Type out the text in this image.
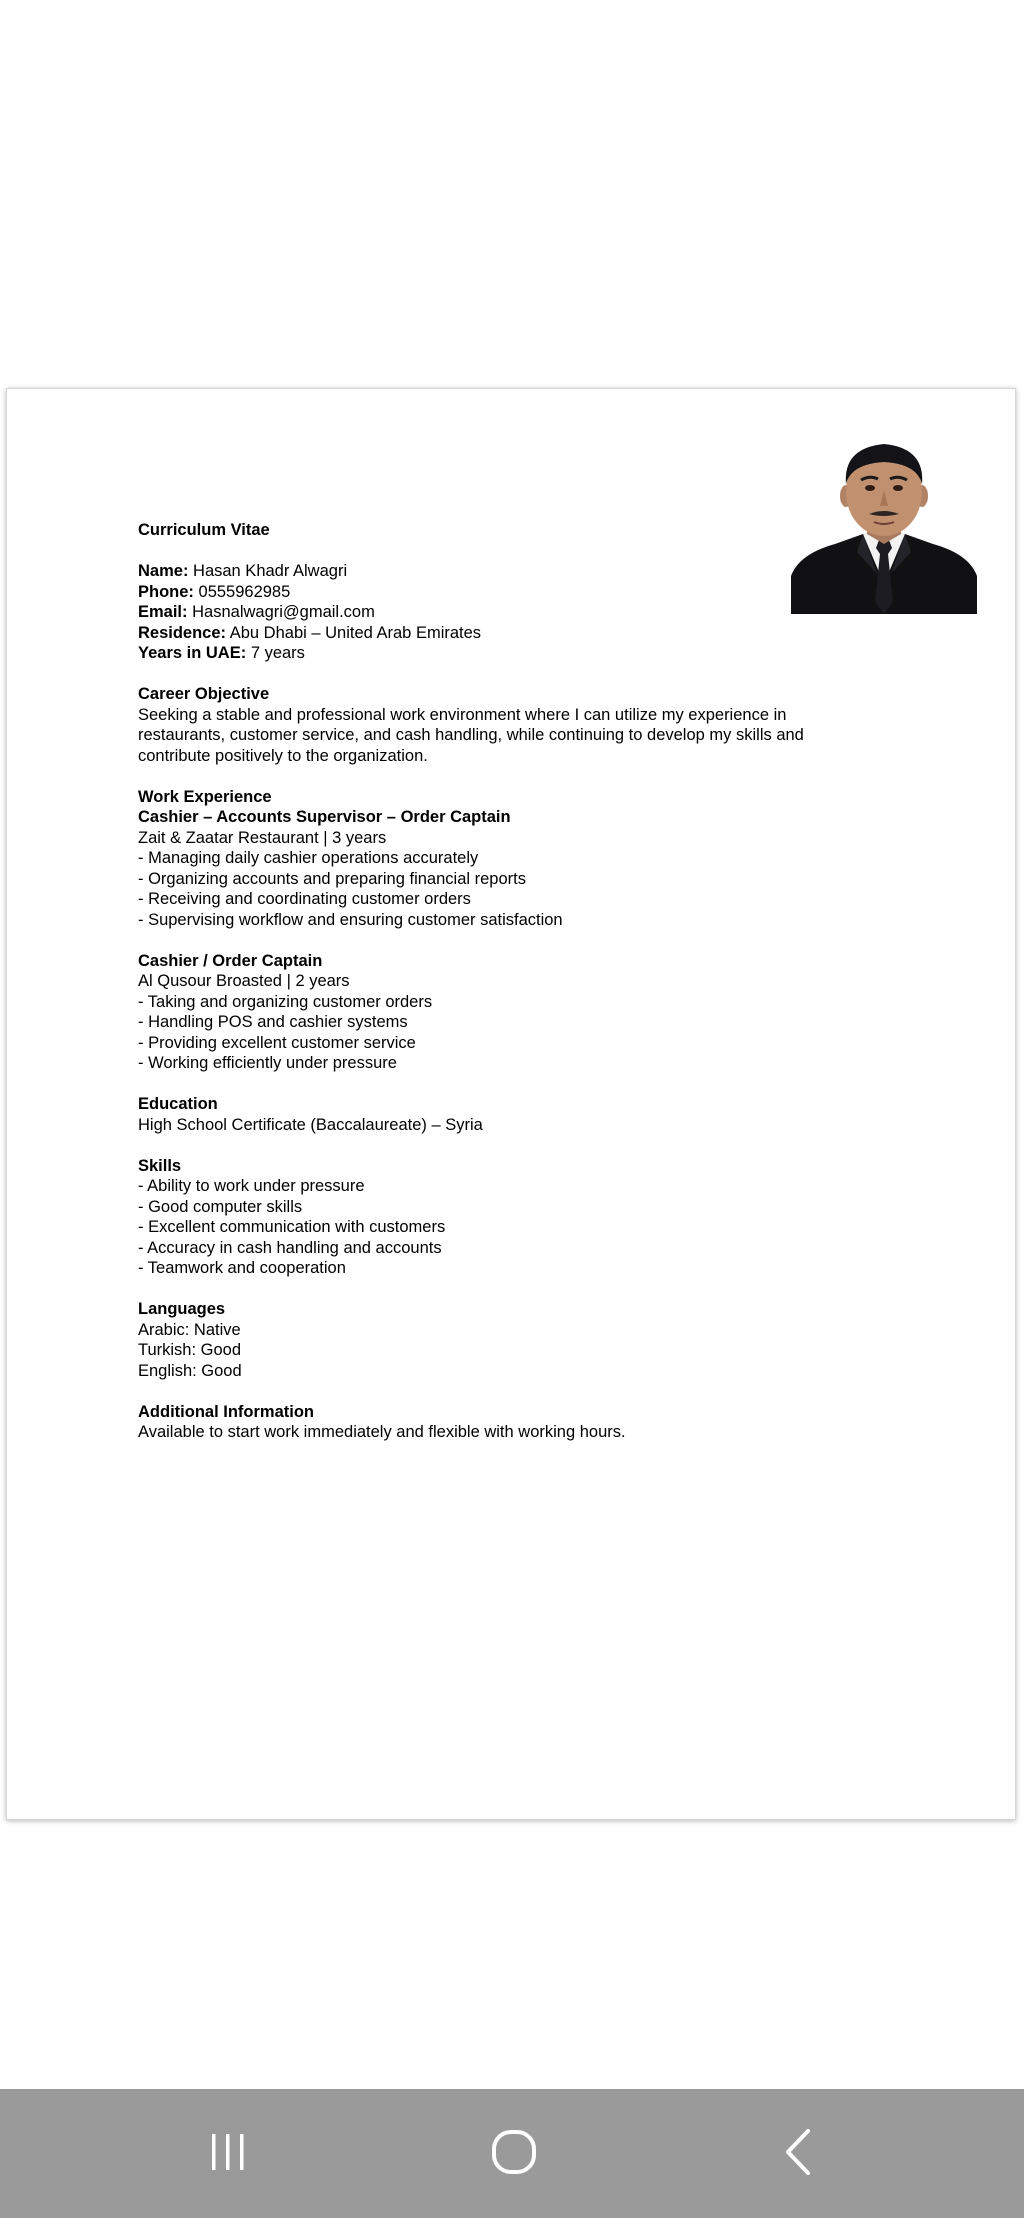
Curriculum Vitae
Name: Hasan Khadr Alwagri
Phone: 0555962985
Email: Hasnalwagri@gmail.com
Residence: Abu Dhabi – United Arab Emirates
Years in UAE: 7 years
Career Objective
Seeking a stable and professional work environment where I can utilize my experience in
restaurants, customer service, and cash handling, while continuing to develop my skills and
contribute positively to the organization.
Work Experience
Cashier – Accounts Supervisor – Order Captain
Zait & Zaatar Restaurant | 3 years
- Managing daily cashier operations accurately
- Organizing accounts and preparing financial reports
- Receiving and coordinating customer orders
- Supervising workflow and ensuring customer satisfaction
Cashier / Order Captain
Al Qusour Broasted | 2 years
- Taking and organizing customer orders
- Handling POS and cashier systems
- Providing excellent customer service
- Working efficiently under pressure
Education
High School Certificate (Baccalaureate) – Syria
Skills
- Ability to work under pressure
- Good computer skills
- Excellent communication with customers
- Accuracy in cash handling and accounts
- Teamwork and cooperation
Languages
Arabic: Native
Turkish: Good
English: Good
Additional Information
Available to start work immediately and flexible with working hours.
